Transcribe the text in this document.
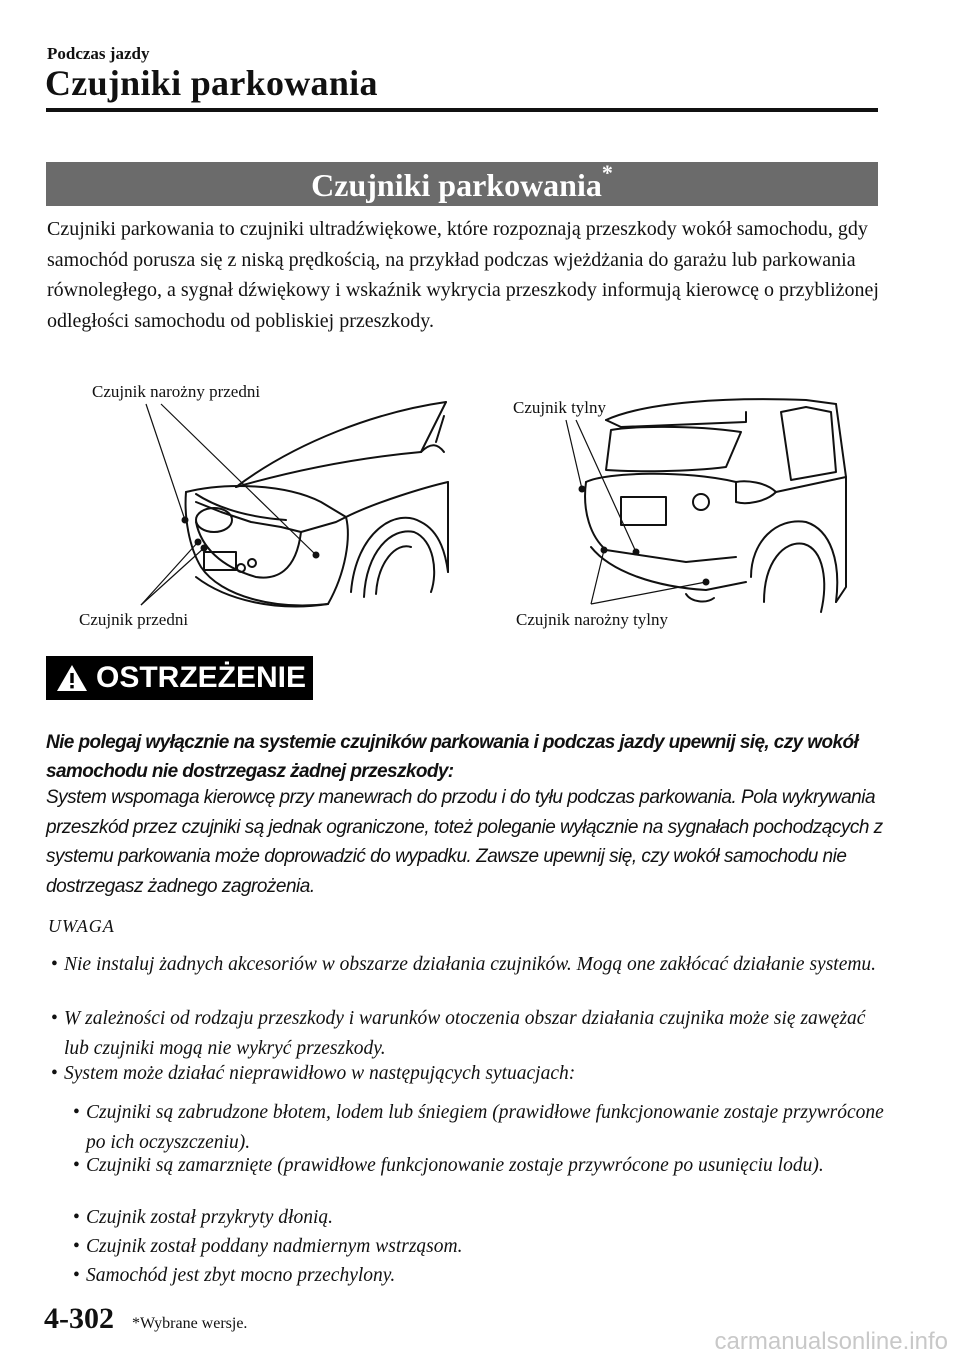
Podczas jazdy
Czujniki parkowania
Czujniki parkowania*

Czujniki parkowania to czujniki ultradźwiękowe, które rozpoznają przeszkody wokół samochodu, gdy samochód porusza się z niską prędkością, na przykład podczas wjeżdżania do garażu lub parkowania równoległego, a sygnał dźwiękowy i wskaźnik wykrycia przeszkody informują kierowcę o przybliżonej odległości samochodu od pobliskiej przeszkody.

Czujnik narożny przedni
Czujnik przedni
Czujnik tylny
Czujnik narożny tylny
OSTRZEŻENIE

Nie polegaj wyłącznie na systemie czujników parkowania i podczas jazdy upewnij się, czy wokół samochodu nie dostrzegasz żadnej przeszkody:

System wspomaga kierowcę przy manewrach do przodu i do tyłu podczas parkowania. Pola wykrywania przeszkód przez czujniki są jednak ograniczone, toteż poleganie wyłącznie na sygnałach pochodzących z systemu parkowania może doprowadzić do wypadku. Zawsze upewnij się, czy wokół samochodu nie dostrzegasz żadnego zagrożenia.

UWAGA

• Nie instaluj żadnych akcesoriów w obszarze działania czujników. Mogą one zakłócać działanie systemu.

• W zależności od rodzaju przeszkody i warunków otoczenia obszar działania czujnika może się zawężać lub czujniki mogą nie wykryć przeszkody.

• System może działać nieprawidłowo w następujących sytuacjach:

• Czujniki są zabrudzone błotem, lodem lub śniegiem (prawidłowe funkcjonowanie zostaje przywrócone po ich oczyszczeniu).

• Czujniki są zamarznięte (prawidłowe funkcjonowanie zostaje przywrócone po usunięciu lodu).

• Czujnik został przykryty dłonią.

• Czujnik został poddany nadmiernym wstrząsom.

• Samochód jest zbyt mocno przechylony.

4-302 *Wybrane wersje.
carmanualsonline.info
